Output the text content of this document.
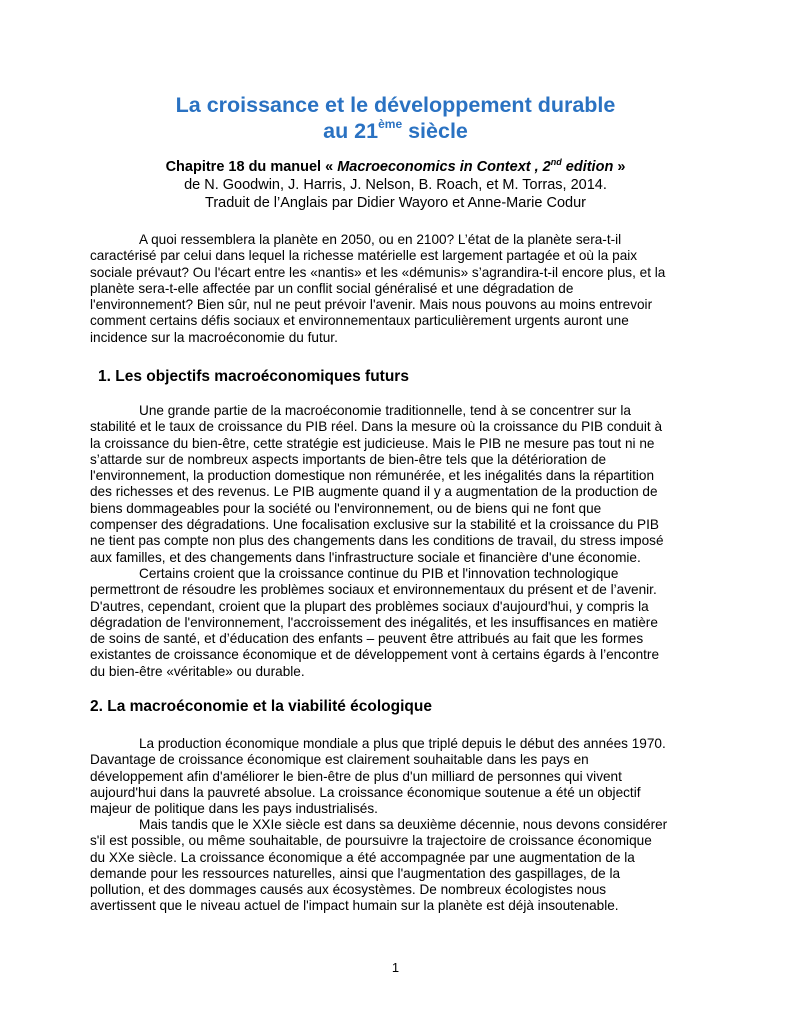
La croissance et le développement durable
au 21ème siècle
Chapitre 18 du manuel « Macroeconomics in Context , 2nd edition »
de N. Goodwin, J. Harris, J. Nelson, B. Roach, et M. Torras, 2014.
Traduit de l’Anglais par Didier Wayoro et Anne-Marie Codur
A quoi ressemblera la planète en 2050, ou en 2100? L’état de la planète sera-t-il
caractérisé par celui dans lequel la richesse matérielle est largement partagée et où la paix
sociale prévaut? Ou l'écart entre les «nantis» et les «démunis» s’agrandira-t-il encore plus, et la
planète sera-t-elle affectée par un conflit social généralisé et une dégradation de
l'environnement? Bien sûr, nul ne peut prévoir l'avenir. Mais nous pouvons au moins entrevoir
comment certains défis sociaux et environnementaux particulièrement urgents auront une
incidence sur la macroéconomie du futur.
1. Les objectifs macroéconomiques futurs
Une grande partie de la macroéconomie traditionnelle, tend à se concentrer sur la
stabilité et le taux de croissance du PIB réel. Dans la mesure où la croissance du PIB conduit à
la croissance du bien-être, cette stratégie est judicieuse. Mais le PIB ne mesure pas tout ni ne
s’attarde sur de nombreux aspects importants de bien-être tels que la détérioration de
l'environnement, la production domestique non rémunérée, et les inégalités dans la répartition
des richesses et des revenus. Le PIB augmente quand il y a augmentation de la production de
biens dommageables pour la société ou l'environnement, ou de biens qui ne font que
compenser des dégradations. Une focalisation exclusive sur la stabilité et la croissance du PIB
ne tient pas compte non plus des changements dans les conditions de travail, du stress imposé
aux familles, et des changements dans l'infrastructure sociale et financière d'une économie.
Certains croient que la croissance continue du PIB et l'innovation technologique
permettront de résoudre les problèmes sociaux et environnementaux du présent et de l’avenir.
D'autres, cependant, croient que la plupart des problèmes sociaux d'aujourd'hui, y compris la
dégradation de l'environnement, l'accroissement des inégalités, et les insuffisances en matière
de soins de santé, et d’éducation des enfants – peuvent être attribués au fait que les formes
existantes de croissance économique et de développement vont à certains égards à l’encontre
du bien-être «véritable» ou durable.
2. La macroéconomie et la viabilité écologique
La production économique mondiale a plus que triplé depuis le début des années 1970.
Davantage de croissance économique est clairement souhaitable dans les pays en
développement afin d'améliorer le bien-être de plus d'un milliard de personnes qui vivent
aujourd'hui dans la pauvreté absolue. La croissance économique soutenue a été un objectif
majeur de politique dans les pays industrialisés.
Mais tandis que le XXIe siècle est dans sa deuxième décennie, nous devons considérer
s'il est possible, ou même souhaitable, de poursuivre la trajectoire de croissance économique
du XXe siècle. La croissance économique a été accompagnée par une augmentation de la
demande pour les ressources naturelles, ainsi que l'augmentation des gaspillages, de la
pollution, et des dommages causés aux écosystèmes. De nombreux écologistes nous
avertissent que le niveau actuel de l'impact humain sur la planète est déjà insoutenable.
1
